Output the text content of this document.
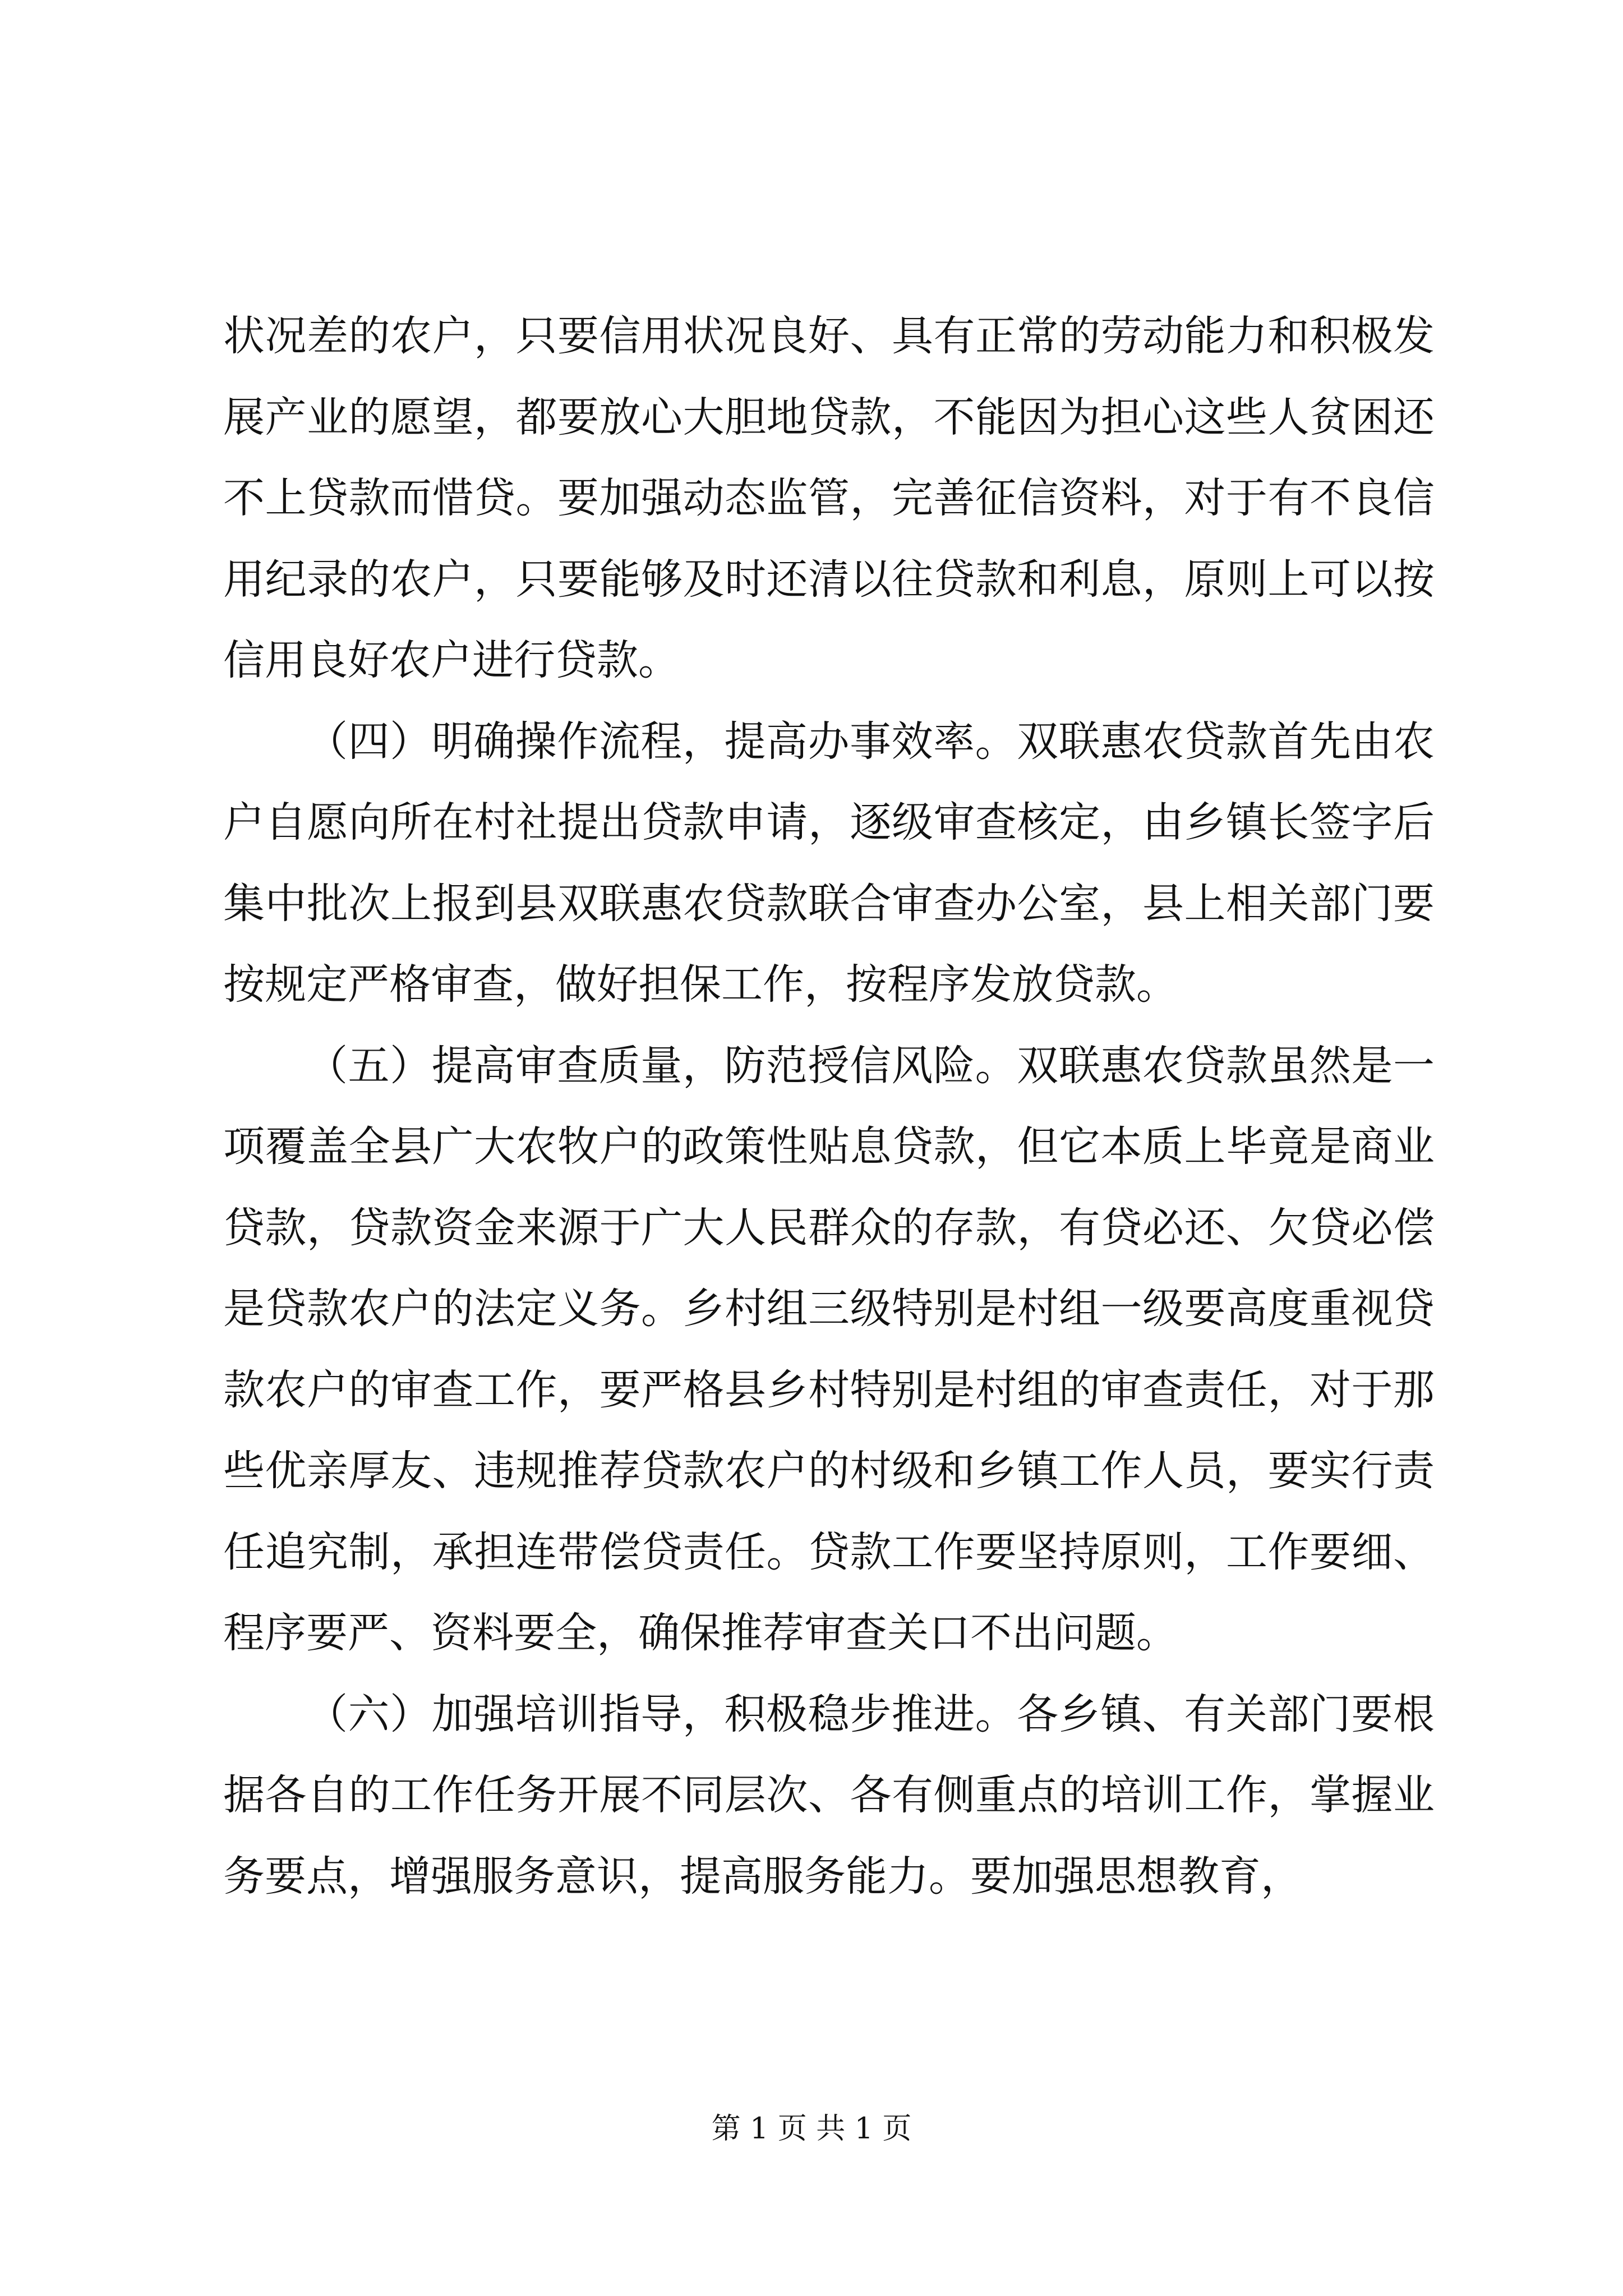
状况差的农户，只要信用状况良好、具有正常的劳动能力和积极发展产业的愿望，都要放心大胆地贷款，不能因为担心这些人贫困还不上贷款而惜贷。要加强动态监管，完善征信资料，对于有不良信用纪录的农户，只要能够及时还清以往贷款和利息，原则上可以按信用良好农户进行贷款。

（四）明确操作流程，提高办事效率。双联惠农贷款首先由农户自愿向所在村社提出贷款申请，逐级审查核定，由乡镇长签字后集中批次上报到县双联惠农贷款联合审查办公室，县上相关部门要按规定严格审查，做好担保工作，按程序发放贷款。

（五）提高审查质量，防范授信风险。双联惠农贷款虽然是一项覆盖全县广大农牧户的政策性贴息贷款，但它本质上毕竟是商业贷款，贷款资金来源于广大人民群众的存款，有贷必还、欠贷必偿是贷款农户的法定义务。乡村组三级特别是村组一级要高度重视贷款农户的审查工作，要严格县乡村特别是村组的审查责任，对于那些优亲厚友、违规推荐贷款农户的村级和乡镇工作人员，要实行责任追究制，承担连带偿贷责任。贷款工作要坚持原则，工作要细、程序要严、资料要全，确保推荐审查关口不出问题。

（六）加强培训指导，积极稳步推进。各乡镇、有关部门要根据各自的工作任务开展不同层次、各有侧重点的培训工作，掌握业务要点，增强服务意识，提高服务能力。要加强思想教育，

第 1 页 共 1 页
